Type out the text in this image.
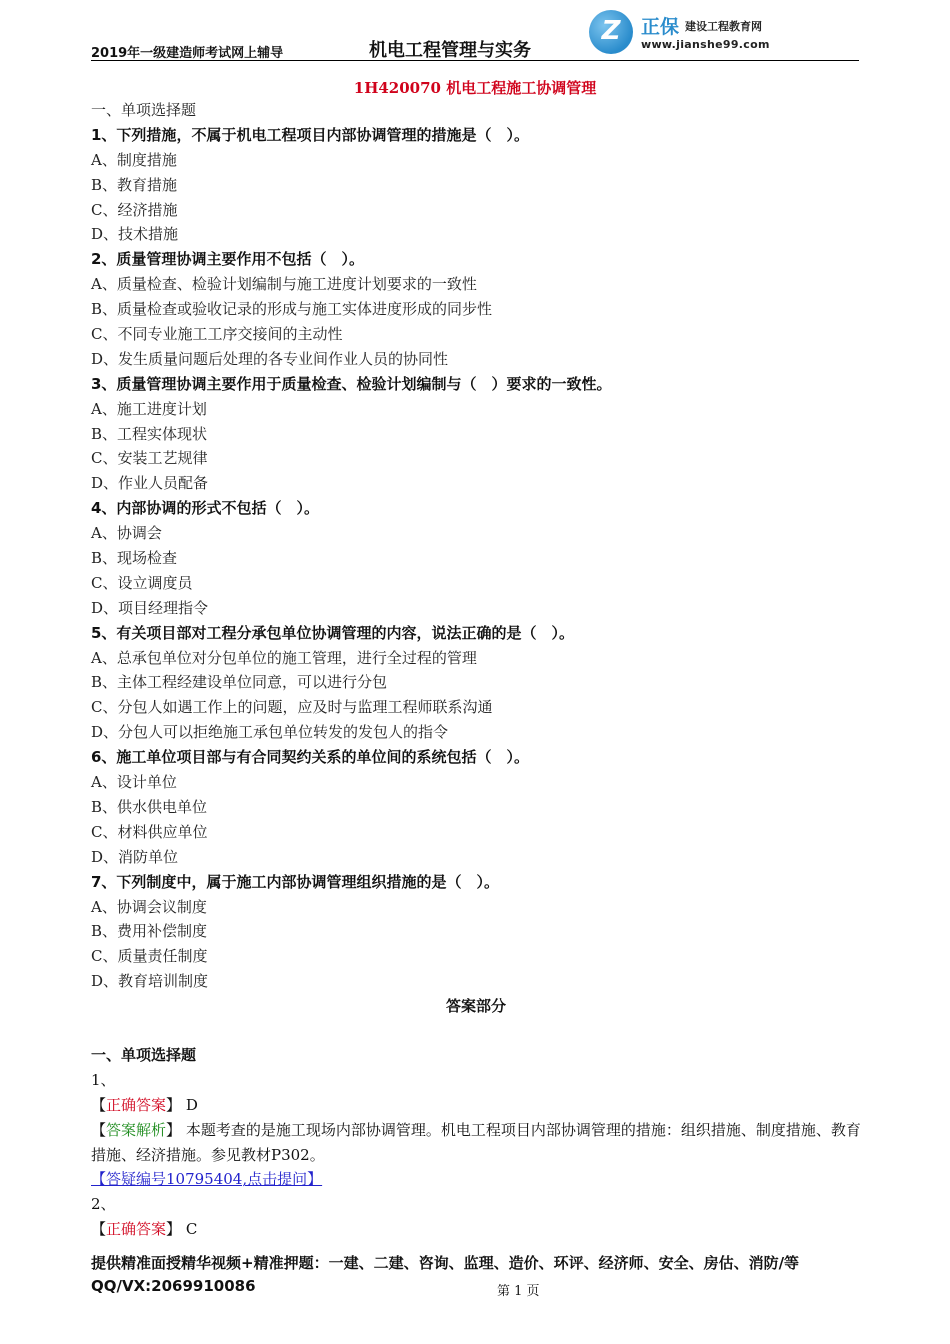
2019年一级建造师考试网上辅导	机电工程管理与实务
Z	正保 建设工程教育网
www.jianshe99.com
1H420070 机电工程施工协调管理
一、单项选择题
1、下列措施，不属于机电工程项目内部协调管理的措施是（　）。
A、制度措施
B、教育措施
C、经济措施
D、技术措施
2、质量管理协调主要作用不包括（　）。
A、质量检查、检验计划编制与施工进度计划要求的一致性
B、质量检查或验收记录的形成与施工实体进度形成的同步性
C、不同专业施工工序交接间的主动性
D、发生质量问题后处理的各专业间作业人员的协同性
3、质量管理协调主要作用于质量检查、检验计划编制与（　）要求的一致性。
A、施工进度计划
B、工程实体现状
C、安装工艺规律
D、作业人员配备
4、内部协调的形式不包括（　）。
A、协调会
B、现场检查
C、设立调度员
D、项目经理指令
5、有关项目部对工程分承包单位协调管理的内容，说法正确的是（　）。
A、总承包单位对分包单位的施工管理，进行全过程的管理
B、主体工程经建设单位同意，可以进行分包
C、分包人如遇工作上的问题，应及时与监理工程师联系沟通
D、分包人可以拒绝施工承包单位转发的发包人的指令
6、施工单位项目部与有合同契约关系的单位间的系统包括（　）。
A、设计单位
B、供水供电单位
C、材料供应单位
D、消防单位
7、下列制度中，属于施工内部协调管理组织措施的是（　）。
A、协调会议制度
B、费用补偿制度
C、质量责任制度
D、教育培训制度
答案部分
一、单项选择题
1、
【正确答案】 D
【答案解析】 本题考查的是施工现场内部协调管理。机电工程项目内部协调管理的措施：组织措施、制度措施、教育措施、经济措施。参见教材P302。
【答疑编号10795404,点击提问】
2、
【正确答案】 C
提供精准面授精华视频+精准押题：一建、二建、咨询、监理、造价、环评、经济师、安全、房估、消防/等
QQ/VX:2069910086	第 1 页
